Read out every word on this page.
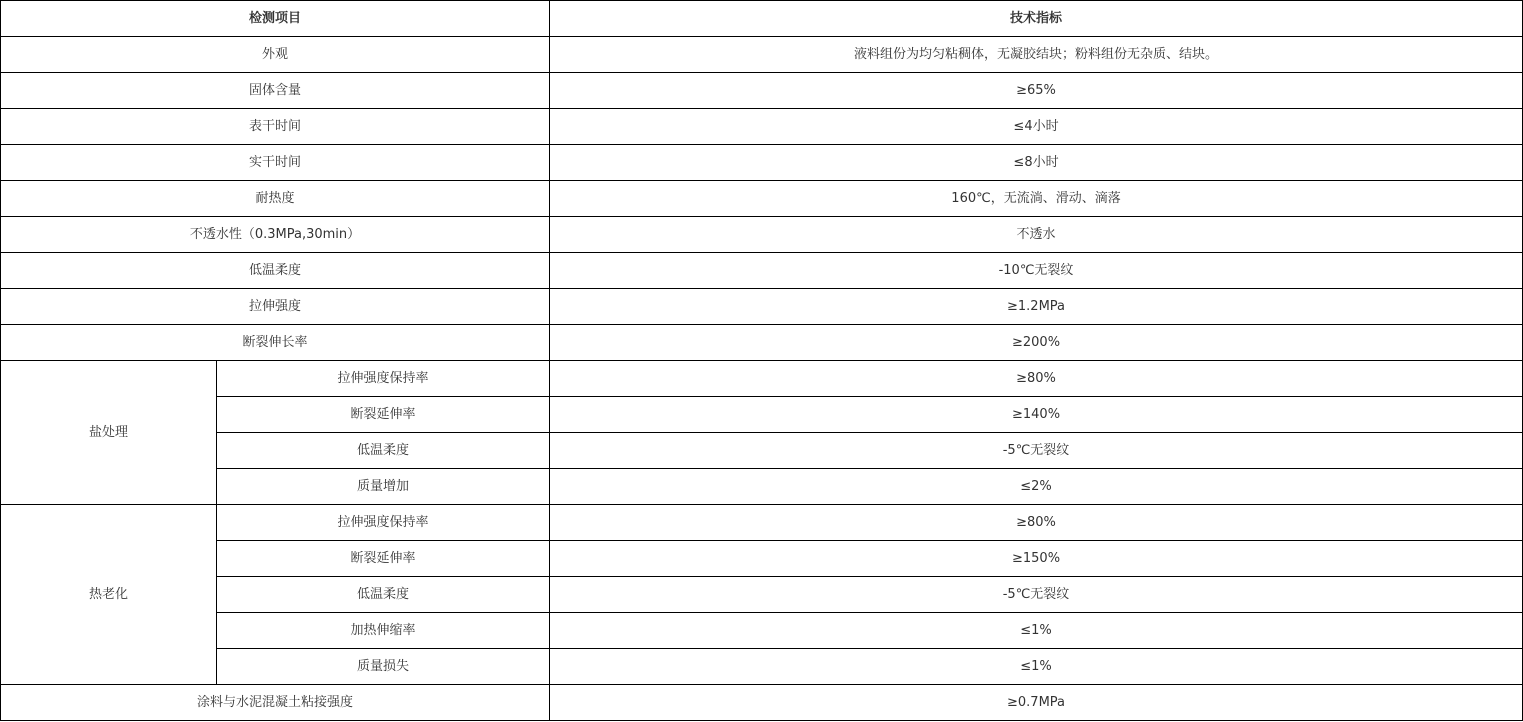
检测项目		技术指标
外观		液料组份为均匀粘稠体，无凝胶结块；粉料组份无杂质、结块。
固体含量		≥65%
表干时间		≤4小时
实干时间		≤8小时
耐热度		160℃，无流淌、滑动、滴落
不透水性（0.3MPa,30min）		不透水
低温柔度		-10℃无裂纹
拉伸强度		≥1.2MPa
断裂伸长率		≥200%
盐处理	拉伸强度保持率	≥80%
	断裂延伸率	≥140%
	低温柔度	-5℃无裂纹
	质量增加	≤2%
热老化	拉伸强度保持率	≥80%
	断裂延伸率	≥150%
	低温柔度	-5℃无裂纹
	加热伸缩率	≤1%
	质量损失	≤1%
涂料与水泥混凝土粘接强度		≥0.7MPa
